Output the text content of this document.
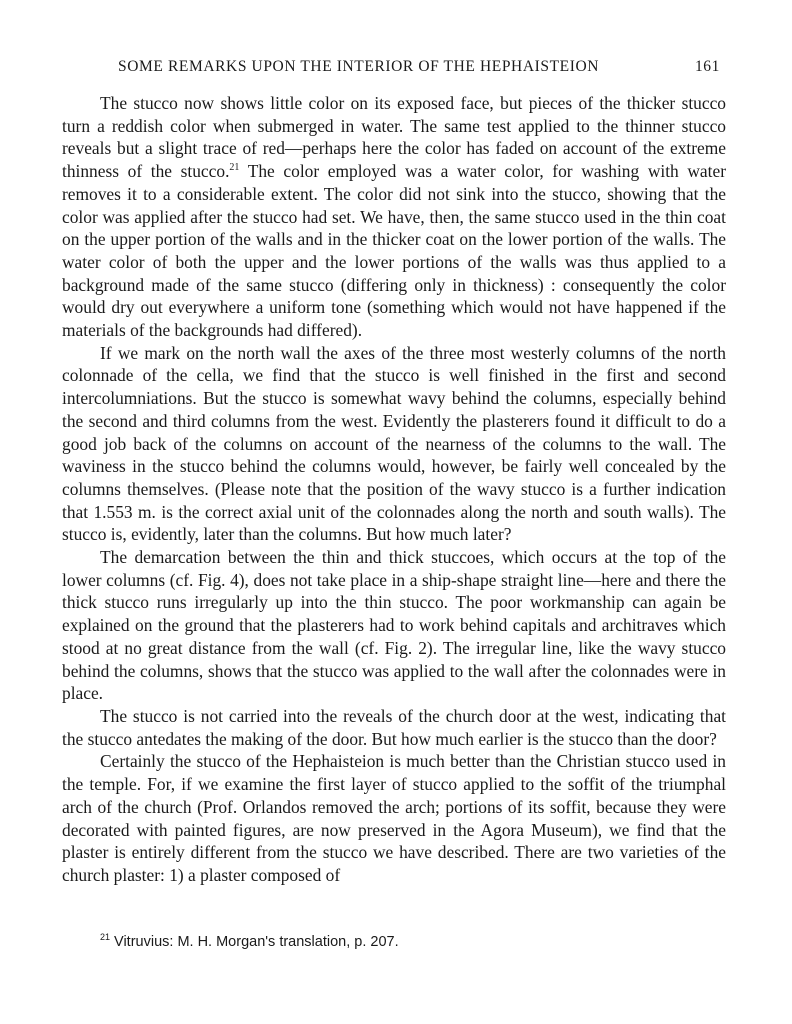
SOME REMARKS UPON THE INTERIOR OF THE HEPHAISTEION	161

The stucco now shows little color on its exposed face, but pieces of the thicker stucco turn a reddish color when submerged in water. The same test applied to the thinner stucco reveals but a slight trace of red—perhaps here the color has faded on account of the extreme thinness of the stucco.$^{21}$ The color employed was a water color, for washing with water removes it to a considerable extent. The color did not sink into the stucco, showing that the color was applied after the stucco had set. We have, then, the same stucco used in the thin coat on the upper portion of the walls and in the thicker coat on the lower portion of the walls. The water color of both the upper and the lower portions of the walls was thus applied to a background made of the same stucco (differing only in thickness) : consequently the color would dry out everywhere a uniform tone (something which would not have happened if the materials of the backgrounds had differed).

If we mark on the north wall the axes of the three most westerly columns of the north colonnade of the cella, we find that the stucco is well finished in the first and second intercolumniations. But the stucco is somewhat wavy behind the columns, especially behind the second and third columns from the west. Evidently the plasterers found it difficult to do a good job back of the columns on account of the nearness of the columns to the wall. The waviness in the stucco behind the columns would, however, be fairly well concealed by the columns themselves. (Please note that the position of the wavy stucco is a further indication that 1.553 m. is the correct axial unit of the colonnades along the north and south walls). The stucco is, evidently, later than the columns. But how much later?

The demarcation between the thin and thick stuccoes, which occurs at the top of the lower columns (cf. Fig. 4), does not take place in a ship-shape straight line—here and there the thick stucco runs irregularly up into the thin stucco. The poor workmanship can again be explained on the ground that the plasterers had to work behind capitals and architraves which stood at no great distance from the wall (cf. Fig. 2). The irregular line, like the wavy stucco behind the columns, shows that the stucco was applied to the wall after the colonnades were in place.

The stucco is not carried into the reveals of the church door at the west, indicating that the stucco antedates the making of the door. But how much earlier is the stucco than the door?

Certainly the stucco of the Hephaisteion is much better than the Christian stucco used in the temple. For, if we examine the first layer of stucco applied to the soffit of the triumphal arch of the church (Prof. Orlandos removed the arch; portions of its soffit, because they were decorated with painted figures, are now preserved in the Agora Museum), we find that the plaster is entirely different from the stucco we have described. There are two varieties of the church plaster: 1) a plaster composed of

$^{21}$ Vitruvius: M. H. Morgan's translation, p. 207.
